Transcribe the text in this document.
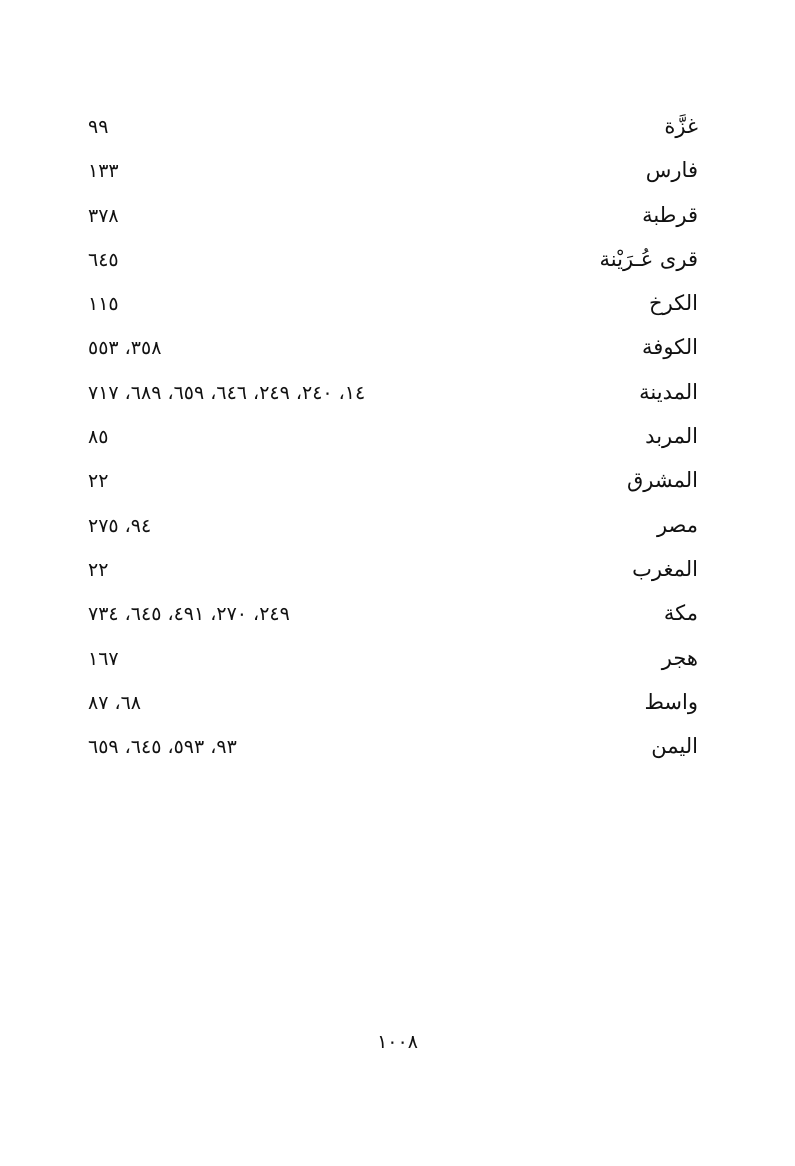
غزَّة
٩٩
فارس
١٣٣
قرطبة
٣٧٨
قرى عُـرَيْنة
٦٤٥
الكرخ
١١٥
الكوفة
٣٥٨، ٥٥٣
المدينة
١٤، ٢٤٠، ٢٤٩، ٦٤٦، ٦٥٩، ٦٨٩، ٧١٧
المربد
٨٥
المشرق
٢٢
مصر
٩٤، ٢٧٥
المغرب
٢٢
مكة
٢٤٩، ٢٧٠، ٤٩١، ٦٤٥، ٧٣٤
هجر
١٦٧
واسط
٦٨، ٨٧
اليمن
٩٣، ٥٩٣، ٦٤٥، ٦٥٩
١٠٠٨
